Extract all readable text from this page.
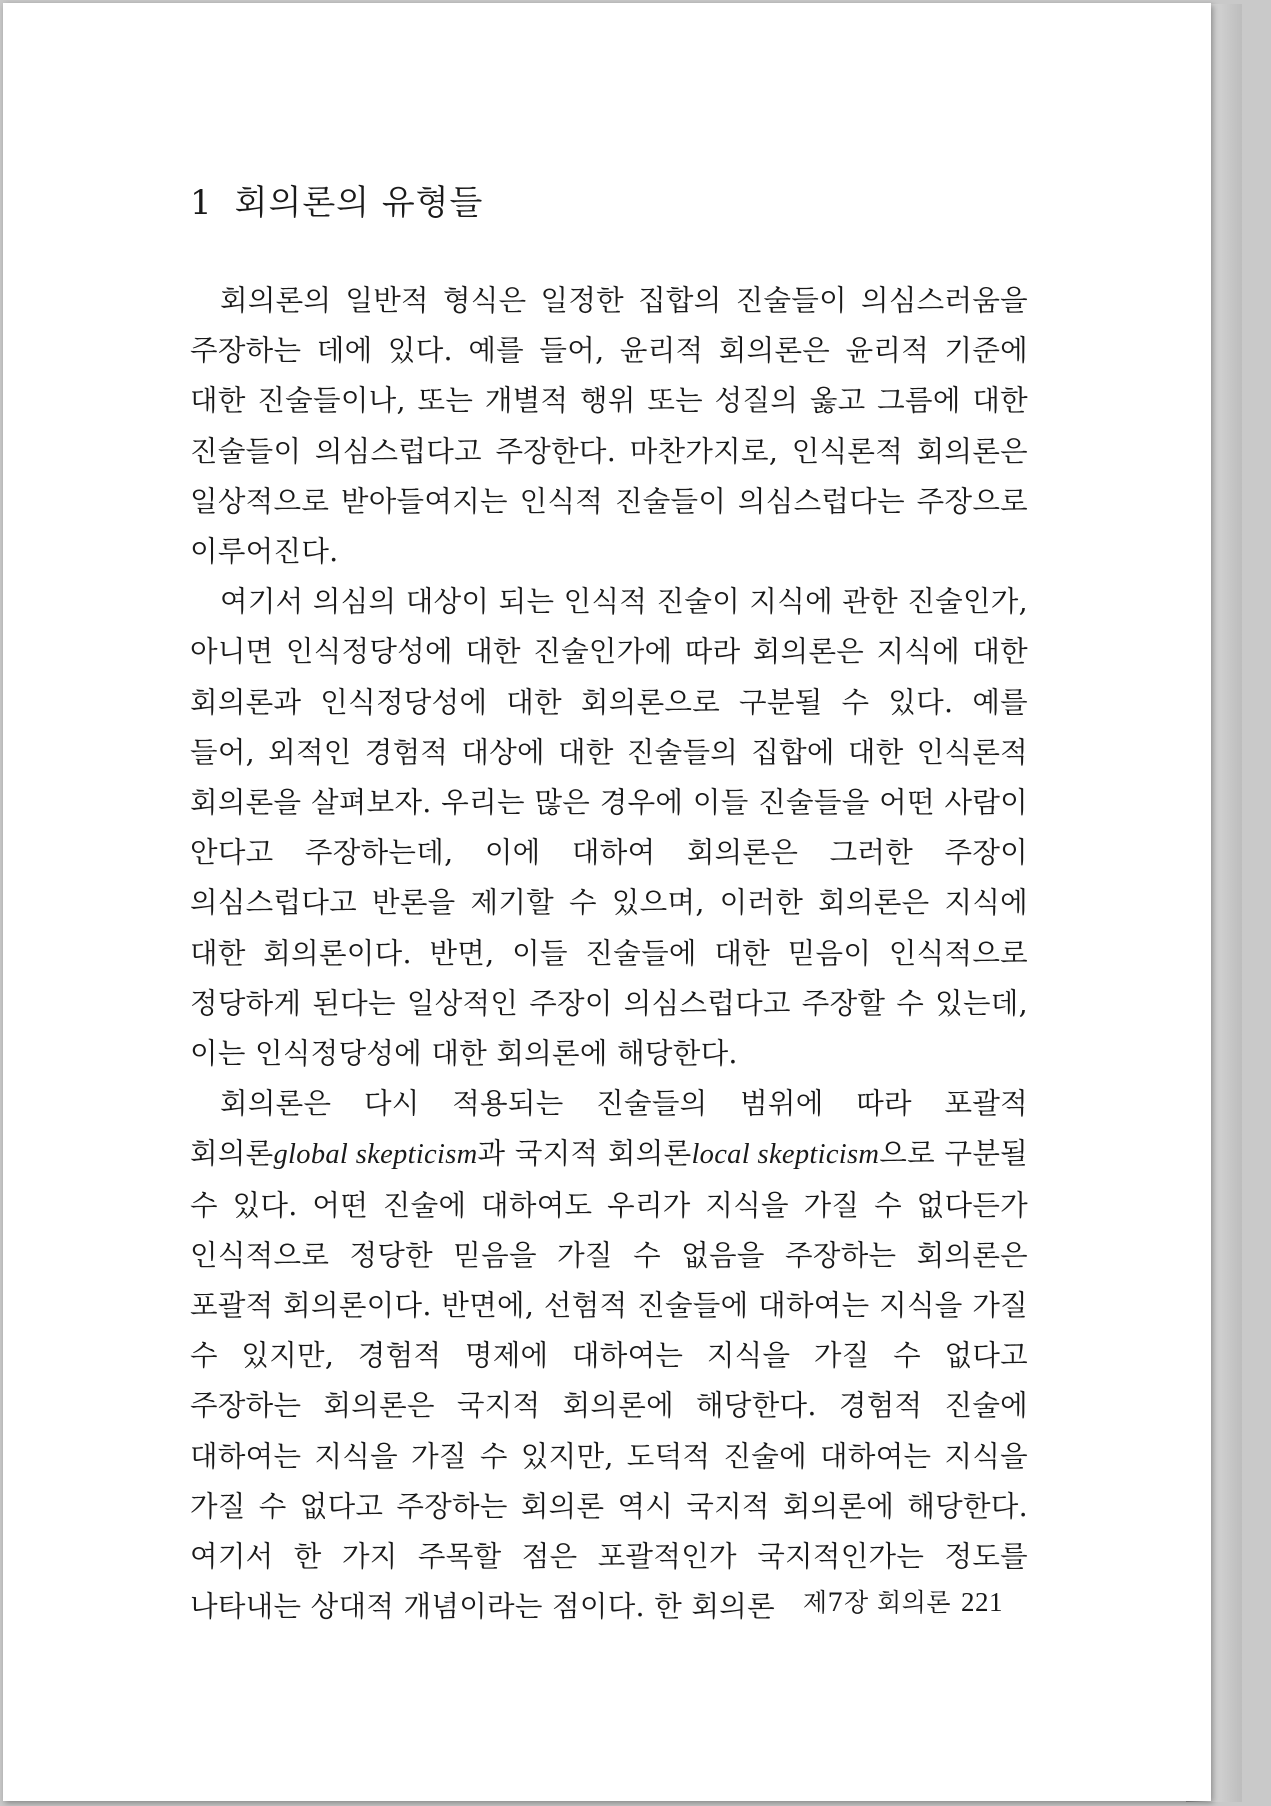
1 회의론의 유형들

회의론의 일반적 형식은 일정한 집합의 진술들이 의심스러움을 주장하는 데에 있다. 예를 들어, 윤리적 회의론은 윤리적 기준에 대한 진술들이나, 또는 개별적 행위 또는 성질의 옳고 그름에 대한 진술들이 의심스럽다고 주장한다. 마찬가지로, 인식론적 회의론은 일상적으로 받아들여지는 인식적 진술들이 의심스럽다는 주장으로 이루어진다.

여기서 의심의 대상이 되는 인식적 진술이 지식에 관한 진술인가, 아니면 인식정당성에 대한 진술인가에 따라 회의론은 지식에 대한 회의론과 인식정당성에 대한 회의론으로 구분될 수 있다. 예를 들어, 외적인 경험적 대상에 대한 진술들의 집합에 대한 인식론적 회의론을 살펴보자. 우리는 많은 경우에 이들 진술들을 어떤 사람이 안다고 주장하는데, 이에 대하여 회의론은 그러한 주장이 의심스럽다고 반론을 제기할 수 있으며, 이러한 회의론은 지식에 대한 회의론이다. 반면, 이들 진술들에 대한 믿음이 인식적으로 정당하게 된다는 일상적인 주장이 의심스럽다고 주장할 수 있는데, 이는 인식정당성에 대한 회의론에 해당한다.

회의론은 다시 적용되는 진술들의 범위에 따라 포괄적 회의론global skepticism과 국지적 회의론local skepticism으로 구분될 수 있다. 어떤 진술에 대하여도 우리가 지식을 가질 수 없다든가 인식적으로 정당한 믿음을 가질 수 없음을 주장하는 회의론은 포괄적 회의론이다. 반면에, 선험적 진술들에 대하여는 지식을 가질 수 있지만, 경험적 명제에 대하여는 지식을 가질 수 없다고 주장하는 회의론은 국지적 회의론에 해당한다. 경험적 진술에 대하여는 지식을 가질 수 있지만, 도덕적 진술에 대하여는 지식을 가질 수 없다고 주장하는 회의론 역시 국지적 회의론에 해당한다. 여기서 한 가지 주목할 점은 포괄적인가 국지적인가는 정도를 나타내는 상대적 개념이라는 점이다. 한 회의론	제7장 회의론 221
